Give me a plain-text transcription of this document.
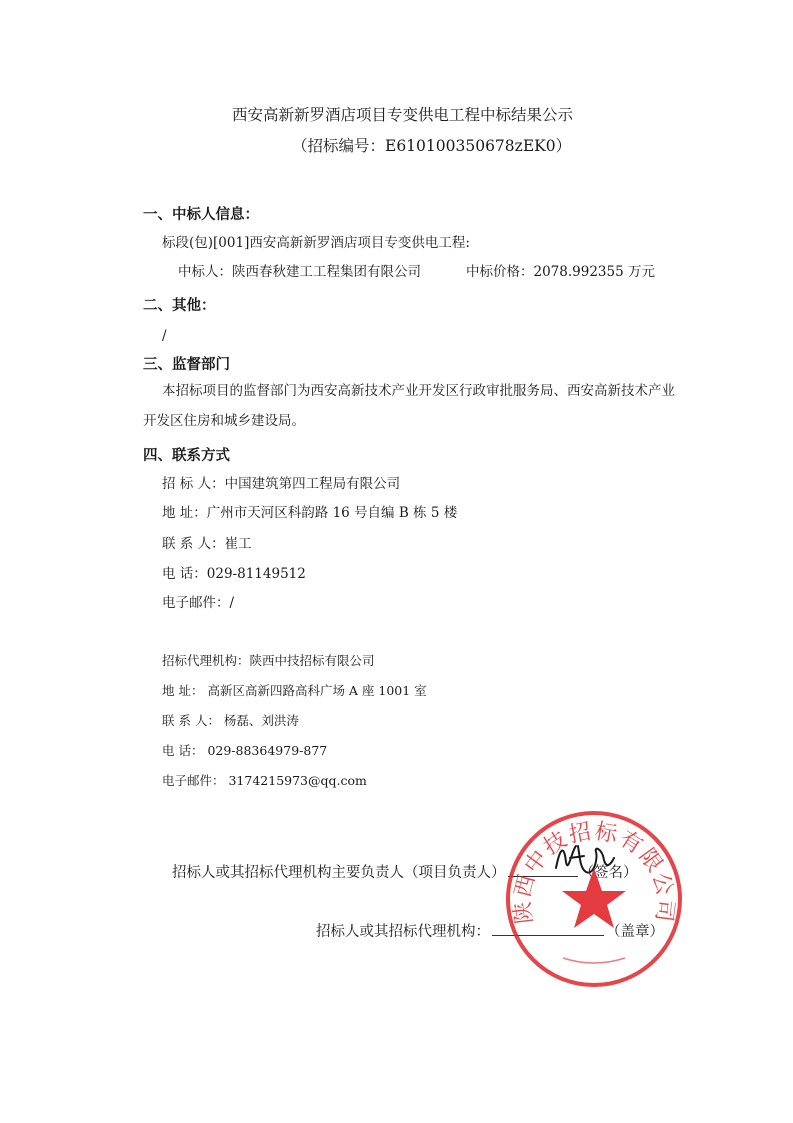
西安高新新罗酒店项目专变供电工程中标结果公示
（招标编号：E610100350678zEK0）
一、中标人信息：
标段(包)[001]西安高新新罗酒店项目专变供电工程:
中标人：陕西春秋建工工程集团有限公司	中标价格：2078.992355 万元
二、其他：
/
三、监督部门
本招标项目的监督部门为西安高新技术产业开发区行政审批服务局、西安高新技术产业
开发区住房和城乡建设局。
四、联系方式
招 标 人：中国建筑第四工程局有限公司
地 址：广州市天河区科韵路 16 号自编 B 栋 5 楼
联 系 人：崔工
电 话：029-81149512
电子邮件：/
招标代理机构：陕西中技招标有限公司
地 址： 高新区高新四路高科广场 A 座 1001 室
联 系 人： 杨磊、刘洪涛
电 话： 029-88364979-877
电子邮件： 3174215973@qq.com
招标人或其招标代理机构主要负责人（项目负责人）	（签名）
招标人或其招标代理机构：	（盖章）
陕西中技招标有限公司
